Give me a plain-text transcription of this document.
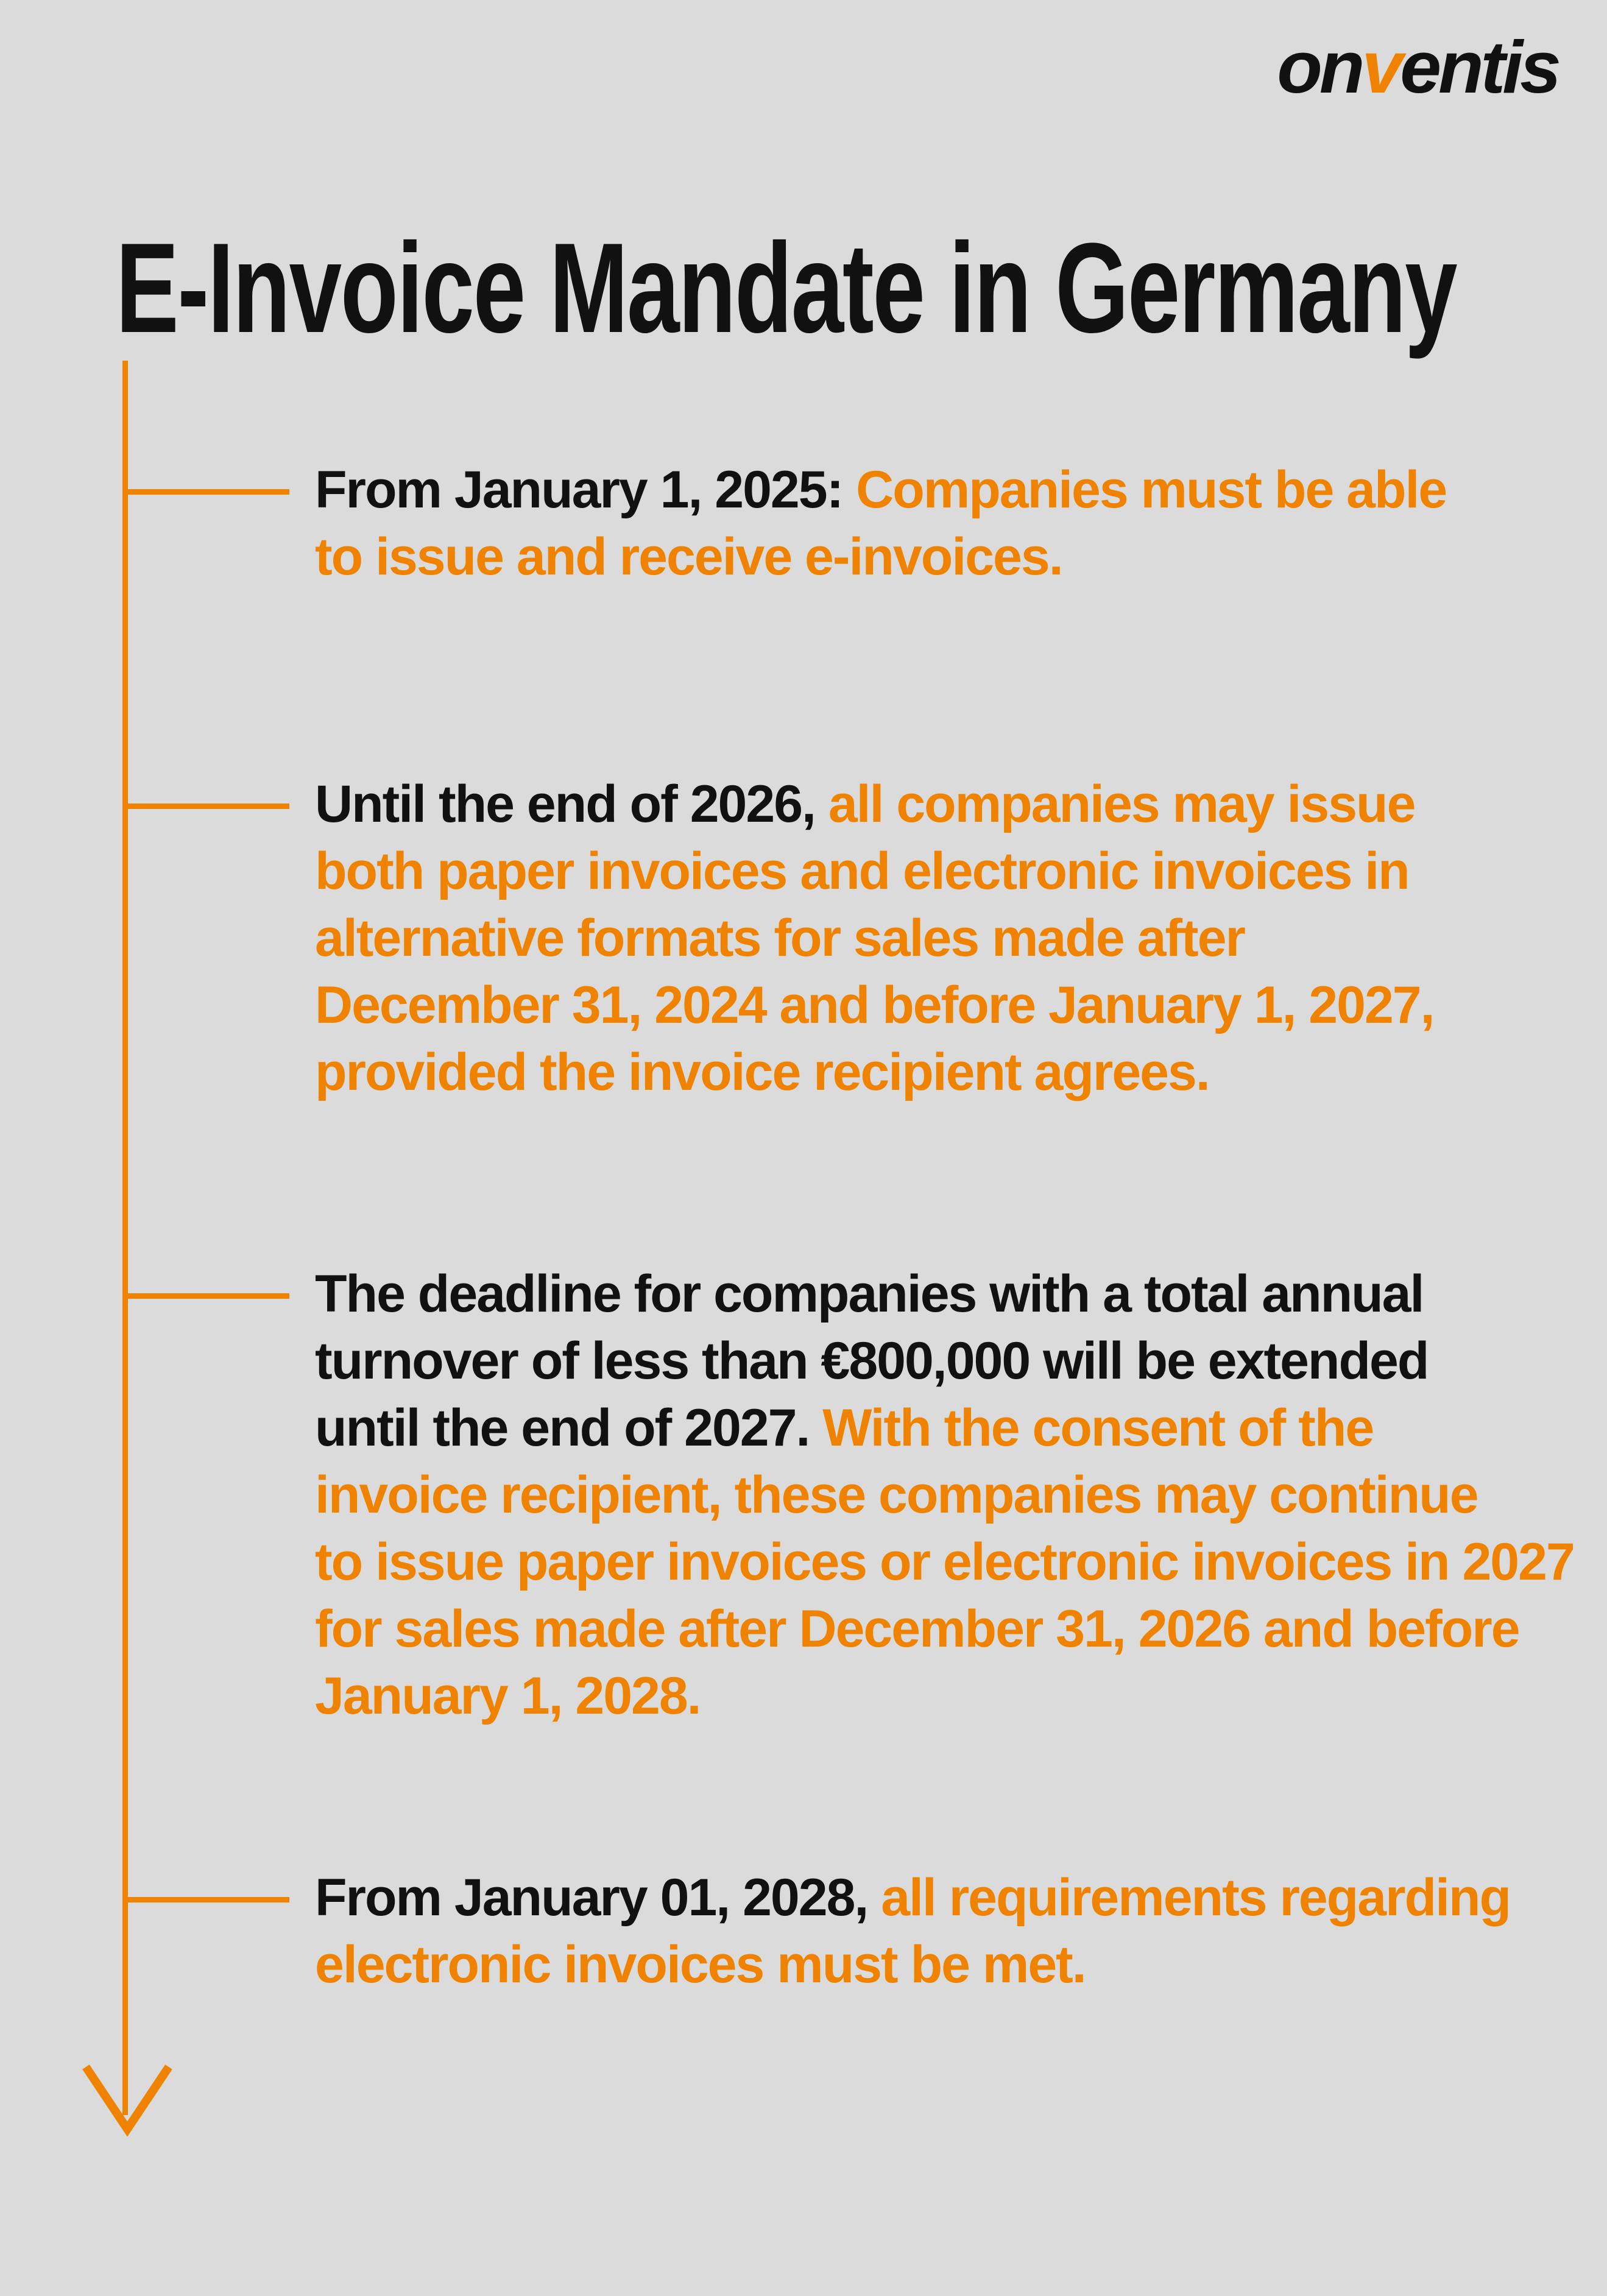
onventis
E-Invoice Mandate in Germany
From January 1, 2025: Companies must be able
to issue and receive e-invoices.
Until the end of 2026, all companies may issue
both paper invoices and electronic invoices in
alternative formats for sales made after
December 31, 2024 and before January 1, 2027,
provided the invoice recipient agrees.
The deadline for companies with a total annual
turnover of less than €800,000 will be extended
until the end of 2027. With the consent of the
invoice recipient, these companies may continue
to issue paper invoices or electronic invoices in 2027
for sales made after December 31, 2026 and before
January 1, 2028.
From January 01, 2028, all requirements regarding
electronic invoices must be met.
